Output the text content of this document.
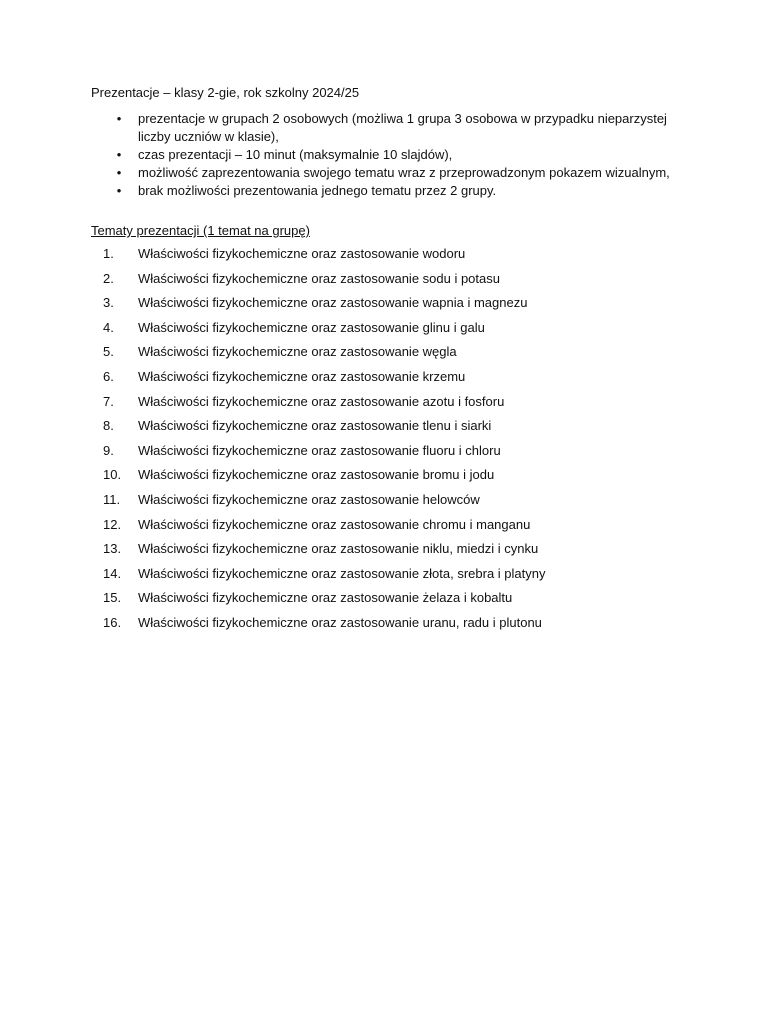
Prezentacje – klasy 2-gie, rok szkolny 2024/25

• prezentacje w grupach 2 osobowych (możliwa 1 grupa 3 osobowa w przypadku nieparzystej liczby uczniów w klasie),
• czas prezentacji – 10 minut (maksymalnie 10 slajdów),
• możliwość zaprezentowania swojego tematu wraz z przeprowadzonym pokazem wizualnym,
• brak możliwości prezentowania jednego tematu przez 2 grupy.

Tematy prezentacji (1 temat na grupę)

1.	Właściwości fizykochemiczne oraz zastosowanie wodoru
2.	Właściwości fizykochemiczne oraz zastosowanie sodu i potasu
3.	Właściwości fizykochemiczne oraz zastosowanie wapnia i magnezu
4.	Właściwości fizykochemiczne oraz zastosowanie glinu i galu
5.	Właściwości fizykochemiczne oraz zastosowanie węgla
6.	Właściwości fizykochemiczne oraz zastosowanie krzemu
7.	Właściwości fizykochemiczne oraz zastosowanie azotu i fosforu
8.	Właściwości fizykochemiczne oraz zastosowanie tlenu i siarki
9.	Właściwości fizykochemiczne oraz zastosowanie fluoru i chloru
10.	Właściwości fizykochemiczne oraz zastosowanie bromu i jodu
11.	Właściwości fizykochemiczne oraz zastosowanie helowców
12.	Właściwości fizykochemiczne oraz zastosowanie chromu i manganu
13.	Właściwości fizykochemiczne oraz zastosowanie niklu, miedzi i cynku
14.	Właściwości fizykochemiczne oraz zastosowanie złota, srebra i platyny
15.	Właściwości fizykochemiczne oraz zastosowanie żelaza i kobaltu
16.	Właściwości fizykochemiczne oraz zastosowanie uranu, radu i plutonu
